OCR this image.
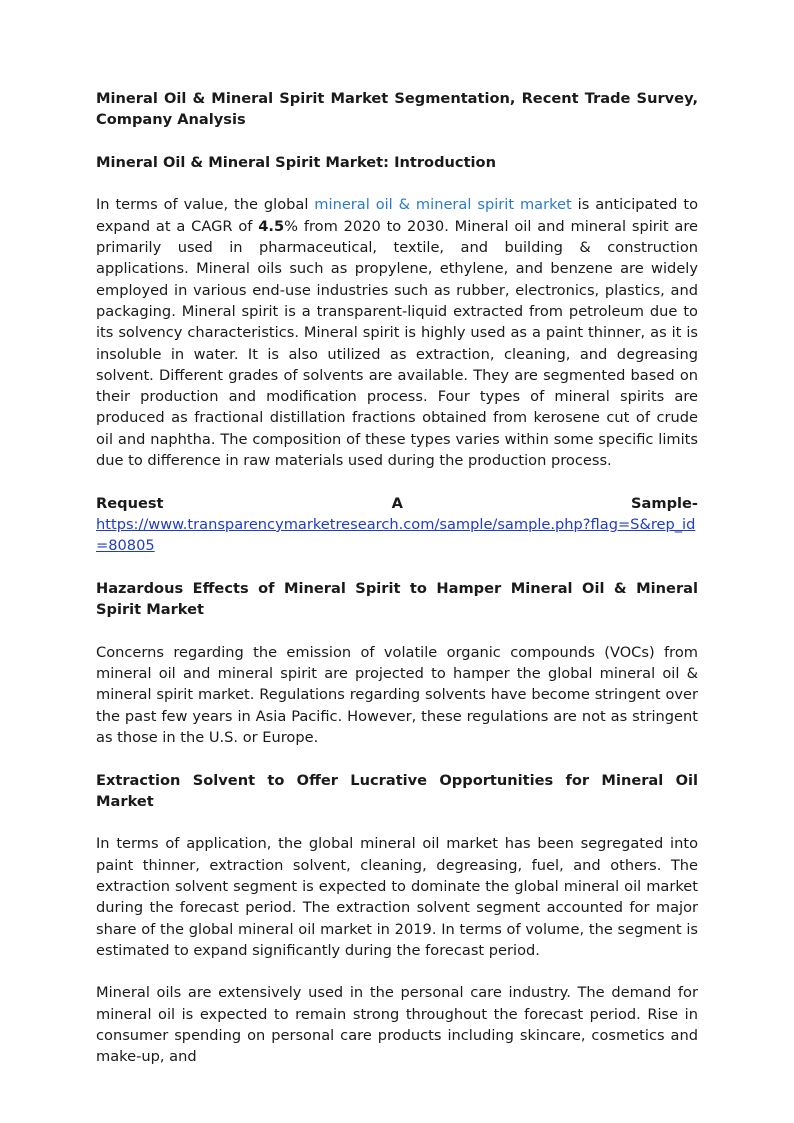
Mineral Oil & Mineral Spirit Market Segmentation, Recent Trade Survey, Company Analysis

Mineral Oil & Mineral Spirit Market: Introduction

In terms of value, the global mineral oil & mineral spirit market is anticipated to expand at a CAGR of 4.5% from 2020 to 2030. Mineral oil and mineral spirit are primarily used in pharmaceutical, textile, and building & construction applications. Mineral oils such as propylene, ethylene, and benzene are widely employed in various end-use industries such as rubber, electronics, plastics, and packaging. Mineral spirit is a transparent-liquid extracted from petroleum due to its solvency characteristics. Mineral spirit is highly used as a paint thinner, as it is insoluble in water. It is also utilized as extraction, cleaning, and degreasing solvent. Different grades of solvents are available. They are segmented based on their production and modification process. Four types of mineral spirits are produced as fractional distillation fractions obtained from kerosene cut of crude oil and naphtha. The composition of these types varies within some specific limits due to difference in raw materials used during the production process.

Request	A	Sample-
https://www.transparencymarketresearch.com/sample/sample.php?flag=S&rep_id=80805

Hazardous Effects of Mineral Spirit to Hamper Mineral Oil & Mineral Spirit Market

Concerns regarding the emission of volatile organic compounds (VOCs) from mineral oil and mineral spirit are projected to hamper the global mineral oil & mineral spirit market. Regulations regarding solvents have become stringent over the past few years in Asia Pacific. However, these regulations are not as stringent as those in the U.S. or Europe.

Extraction Solvent to Offer Lucrative Opportunities for Mineral Oil Market

In terms of application, the global mineral oil market has been segregated into paint thinner, extraction solvent, cleaning, degreasing, fuel, and others. The extraction solvent segment is expected to dominate the global mineral oil market during the forecast period. The extraction solvent segment accounted for major share of the global mineral oil market in 2019. In terms of volume, the segment is estimated to expand significantly during the forecast period.

Mineral oils are extensively used in the personal care industry. The demand for mineral oil is expected to remain strong throughout the forecast period. Rise in consumer spending on personal care products including skincare, cosmetics and make-up, and
